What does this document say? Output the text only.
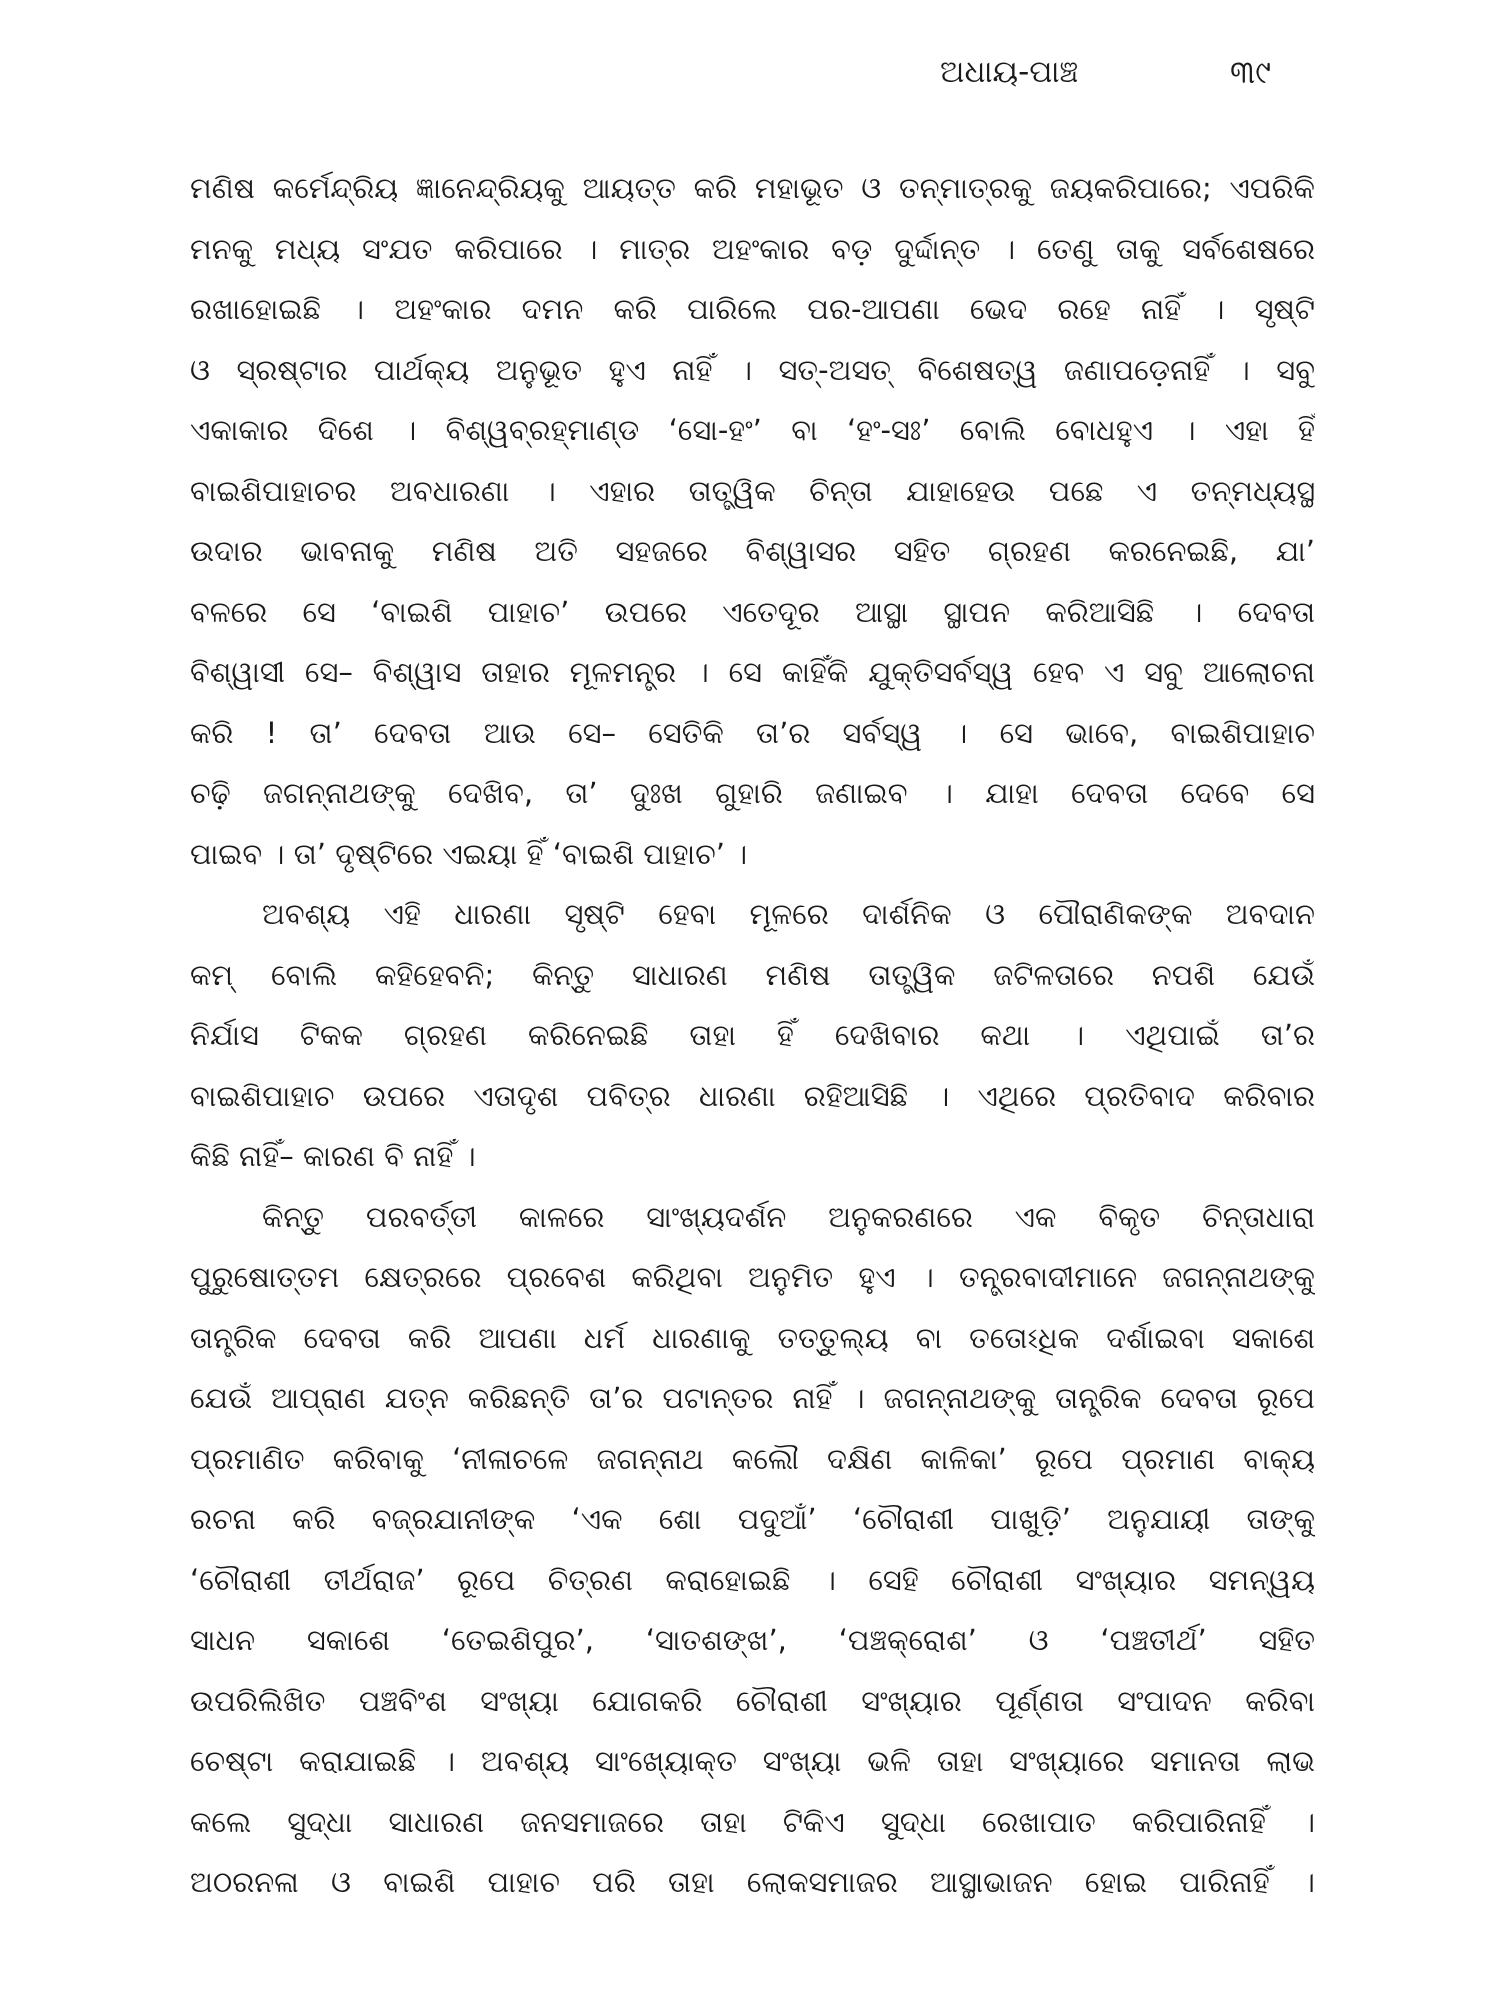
ଅଧାୟ-ପାଞ୍ଚ	୩୯
ମଣିଷ କର୍ମେନ୍ଦ୍ରିୟ ଜ୍ଞାନେନ୍ଦ୍ରିୟକୁ ଆୟତ୍ତ କରି ମହାଭୂତ ଓ ତନ୍ମାତ୍ରକୁ ଜୟକରିପାରେ; ଏପରିକି
ମନକୁ ମଧ୍ୟ ସଂଯତ କରିପାରେ । ମାତ୍ର ଅହଂକାର ବଡ଼ ଦୁର୍ଦ୍ଦାନ୍ତ । ତେଣୁ ତାକୁ ସର୍ବଶେଷରେ
ରଖାହୋଇଛି । ଅହଂକାର ଦମନ କରି ପାରିଲେ ପର-ଆପଣା ଭେଦ ରହେ ନାହିଁ । ସୃଷ୍ଟି
ଓ ସ୍ରଷ୍ଟାର ପାର୍ଥକ୍ୟ ଅନୁଭୂତ ହୁଏ ନାହିଁ । ସତ୍-ଅସତ୍ ବିଶେଷତ୍ୱ ଜଣାପଡ଼େନାହିଁ । ସବୁ
ଏକାକାର ଦିଶେ । ବିଶ୍ୱବ୍ରହ୍ମାଣ୍ଡ ‘ସୋ-ହଂ’ ବା ‘ହଂ-ସଃ’ ବୋଲି ବୋଧହୁଏ । ଏହା ହିଁ
ବାଇଶିପାହାଚର ଅବଧାରଣା । ଏହାର ତାତ୍ତ୍ୱିକ ଚିନ୍ତା ଯାହାହେଉ ପଛେ ଏ ତନ୍ମଧ୍ୟସ୍ଥ
ଉଦାର ଭାବନାକୁ ମଣିଷ ଅତି ସହଜରେ ବିଶ୍ୱାସର ସହିତ ଗ୍ରହଣ କରନେଇଛି, ଯା’
ବଳରେ ସେ ‘ବାଇଶି ପାହାଚ’ ଉପରେ ଏତେଦୂର ଆସ୍ଥା ସ୍ଥାପନ କରିଆସିଛି । ଦେବତା
ବିଶ୍ୱାସୀ ସେ– ବିଶ୍ୱାସ ତାହାର ମୂଳମନ୍ତ୍ର । ସେ କାହିଁକି ଯୁକ୍ତିସର୍ବସ୍ୱ ହେବ ଏ ସବୁ ଆଲୋଚନା
କରି ! ତା’ ଦେବତା ଆଉ ସେ– ସେତିକି ତା’ର ସର୍ବସ୍ୱ । ସେ ଭାବେ, ବାଇଶିପାହାଚ
ଚଢ଼ି ଜଗନ୍ନାଥଙ୍କୁ ଦେଖିବ, ତା’ ଦୁଃଖ ଗୁହାରି ଜଣାଇବ । ଯାହା ଦେବତା ଦେବେ ସେ
ପାଇବ । ତା’ ଦୃଷ୍ଟିରେ ଏଇୟା ହିଁ ‘ବାଇଶି ପାହାଚ’ ।
ଅବଶ୍ୟ ଏହି ଧାରଣା ସୃଷ୍ଟି ହେବା ମୂଳରେ ଦାର୍ଶନିକ ଓ ପୌରାଣିକଙ୍କ ଅବଦାନ
କମ୍ ବୋଲି କହିହେବନି; କିନ୍ତୁ ସାଧାରଣ ମଣିଷ ତାତ୍ତ୍ୱିକ ଜଟିଳତାରେ ନପଶି ଯେଉଁ
ନିର୍ଯାସ ଟିକକ ଗ୍ରହଣ କରିନେଇଛି ତାହା ହିଁ ଦେଖିବାର କଥା । ଏଥିପାଇଁ ତା’ର
ବାଇଶିପାହାଚ ଉପରେ ଏତାଦୃଶ ପବିତ୍ର ଧାରଣା ରହିଆସିଛି । ଏଥିରେ ପ୍ରତିବାଦ କରିବାର
କିଛି ନାହିଁ– କାରଣ ବି ନାହିଁ ।
କିନ୍ତୁ ପରବର୍ତ୍ତୀ କାଳରେ ସାଂଖ୍ୟଦର୍ଶନ ଅନୁକରଣରେ ଏକ ବିକୃତ ଚିନ୍ତାଧାରା
ପୁରୁଷୋତ୍ତମ କ୍ଷେତ୍ରରେ ପ୍ରବେଶ କରିଥିବା ଅନୁମିତ ହୁଏ । ତନ୍ତ୍ରବାଦୀମାନେ ଜଗନ୍ନାଥଙ୍କୁ
ତାନ୍ତ୍ରିକ ଦେବତା କରି ଆପଣା ଧର୍ମ ଧାରଣାକୁ ତତ୍ତୁଲ୍ୟ ବା ତତୋଽଧିକ ଦର୍ଶାଇବା ସକାଶେ
ଯେଉଁ ଆପ୍ରାଣ ଯତ୍ନ କରିଛନ୍ତି ତା’ର ପଟାନ୍ତର ନାହିଁ । ଜଗନ୍ନାଥଙ୍କୁ ତାନ୍ତ୍ରିକ ଦେବତା ରୂପେ
ପ୍ରମାଣିତ କରିବାକୁ ‘ନୀଳାଚଳେ ଜଗନ୍ନାଥ କଲୌ ଦକ୍ଷିଣ କାଳିକା’ ରୂପେ ପ୍ରମାଣ ବାକ୍ୟ
ରଚନା କରି ବଜ୍ରଯାନୀଙ୍କ ‘ଏକ ଶୋ ପଦୁଆଁ’ ‘ଚୌରାଶୀ ପାଖୁଡ଼ି’ ଅନୁଯାୟୀ ତାଙ୍କୁ
‘ଚୌରାଶୀ ତୀର୍ଥରାଜ’ ରୂପେ ଚିତ୍ରଣ କରାହୋଇଛି । ସେହି ଚୌରାଶୀ ସଂଖ୍ୟାର ସମନ୍ୱୟ
ସାଧନ ସକାଶେ ‘ତେଇଶିପୁର’, ‘ସାତଶଙ୍ଖ’, ‘ପଞ୍ଚକ୍ରୋଶ’ ଓ ‘ପଞ୍ଚତୀର୍ଥ’ ସହିତ
ଉପରିଲିଖିତ ପଞ୍ଚବିଂଶ ସଂଖ୍ୟା ଯୋଗକରି ଚୌରାଶୀ ସଂଖ୍ୟାର ପୂର୍ଣ୍ଣତା ସଂପାଦନ କରିବା
ଚେଷ୍ଟା କରାଯାଇଛି । ଅବଶ୍ୟ ସାଂଖ୍ୟୋକ୍ତ ସଂଖ୍ୟା ଭଳି ତାହା ସଂଖ୍ୟାରେ ସମାନତା ଲାଭ
କଲେ ସୁଦ୍ଧା ସାଧାରଣ ଜନସମାଜରେ ତାହା ଟିକିଏ ସୁଦ୍ଧା ରେଖାପାତ କରିପାରିନାହିଁ ।
ଅଠରନଳା ଓ ବାଇଶି ପାହାଚ ପରି ତାହା ଲୋକସମାଜର ଆସ୍ଥାଭାଜନ ହୋଇ ପାରିନାହିଁ ।
